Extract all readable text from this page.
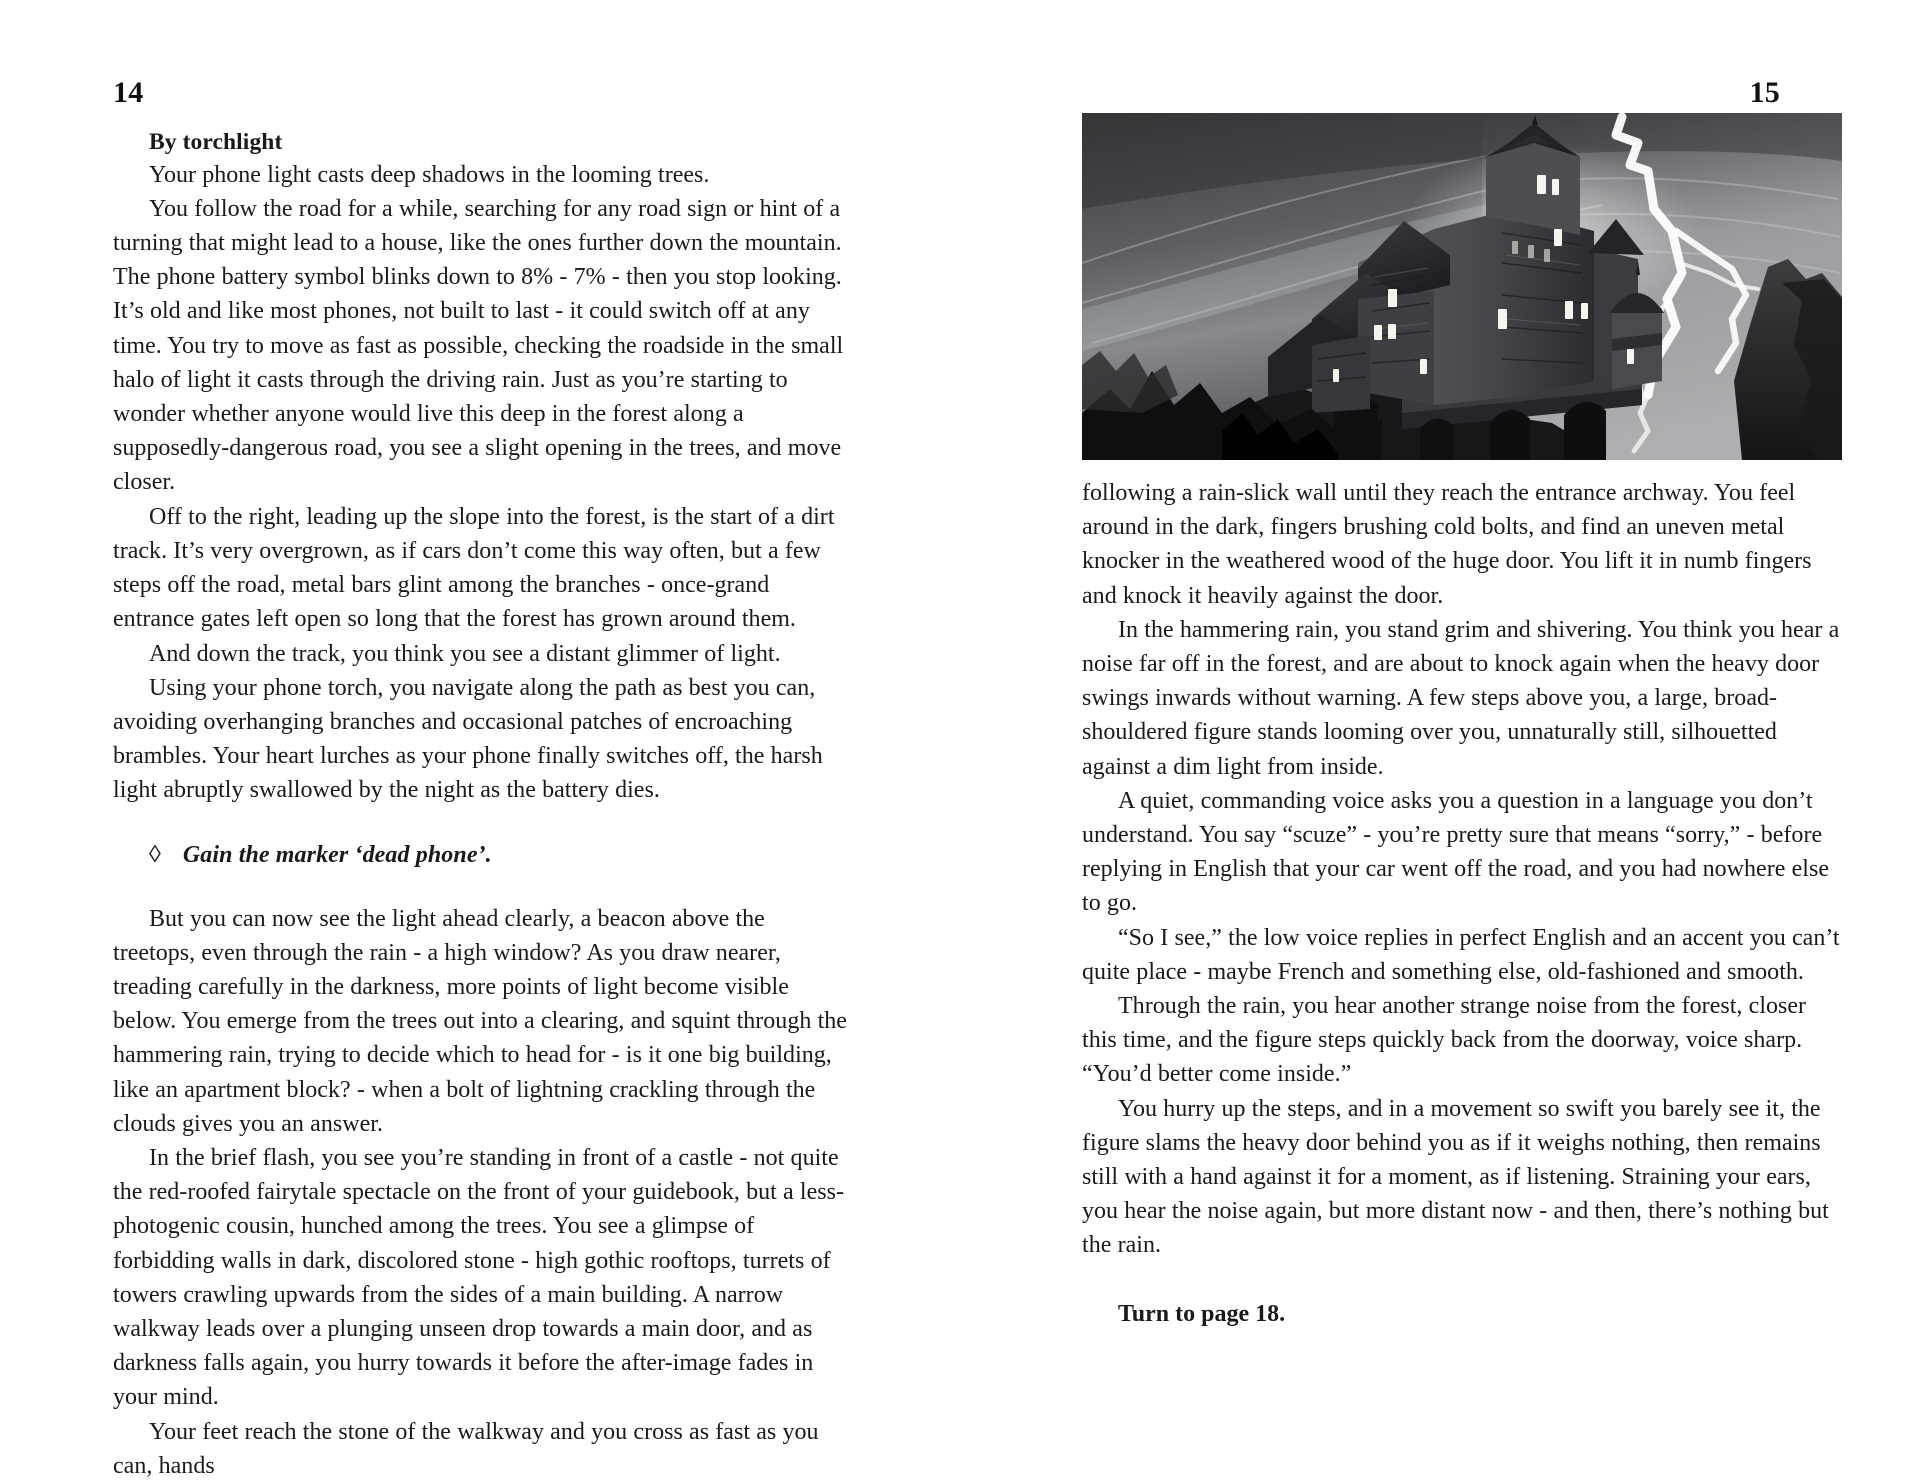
14
By torchlight

Your phone light casts deep shadows in the looming trees.

You follow the road for a while, searching for any road sign or hint of a turning that might lead to a house, like the ones further down the mountain. The phone battery symbol blinks down to 8% - 7% - then you stop looking. It’s old and like most phones, not built to last - it could switch off at any time. You try to move as fast as possible, checking the roadside in the small halo of light it casts through the driving rain. Just as you’re starting to wonder whether anyone would live this deep in the forest along a supposedly-dangerous road, you see a slight opening in the trees, and move closer.

Off to the right, leading up the slope into the forest, is the start of a dirt track. It’s very overgrown, as if cars don’t come this way often, but a few steps off the road, metal bars glint among the branches - once-grand entrance gates left open so long that the forest has grown around them.

And down the track, you think you see a distant glimmer of light.

Using your phone torch, you navigate along the path as best you can, avoiding overhanging branches and occasional patches of encroaching brambles. Your heart lurches as your phone finally switches off, the harsh light abruptly swallowed by the night as the battery dies.

◊ Gain the marker ‘dead phone’.

But you can now see the light ahead clearly, a beacon above the treetops, even through the rain - a high window? As you draw nearer, treading carefully in the darkness, more points of light become visible below. You emerge from the trees out into a clearing, and squint through the hammering rain, trying to decide which to head for - is it one big building, like an apartment block? - when a bolt of lightning crackling through the clouds gives you an answer.

In the brief flash, you see you’re standing in front of a castle - not quite the red-roofed fairytale spectacle on the front of your guidebook, but a less-photogenic cousin, hunched among the trees. You see a glimpse of forbidding walls in dark, discolored stone - high gothic rooftops, turrets of towers crawling upwards from the sides of a main building. A narrow walkway leads over a plunging unseen drop towards a main door, and as darkness falls again, you hurry towards it before the after-image fades in your mind.

Your feet reach the stone of the walkway and you cross as fast as you can, hands

15

following a rain-slick wall until they reach the entrance archway. You feel around in the dark, fingers brushing cold bolts, and find an uneven metal knocker in the weathered wood of the huge door. You lift it in numb fingers and knock it heavily against the door.

In the hammering rain, you stand grim and shivering. You think you hear a noise far off in the forest, and are about to knock again when the heavy door swings inwards without warning. A few steps above you, a large, broad-shouldered figure stands looming over you, unnaturally still, silhouetted against a dim light from inside.

A quiet, commanding voice asks you a question in a language you don’t understand. You say “scuze” - you’re pretty sure that means “sorry,” - before replying in English that your car went off the road, and you had nowhere else to go.

“So I see,” the low voice replies in perfect English and an accent you can’t quite place - maybe French and something else, old-fashioned and smooth.

Through the rain, you hear another strange noise from the forest, closer this time, and the figure steps quickly back from the doorway, voice sharp. “You’d better come inside.”

You hurry up the steps, and in a movement so swift you barely see it, the figure slams the heavy door behind you as if it weighs nothing, then remains still with a hand against it for a moment, as if listening. Straining your ears, you hear the noise again, but more distant now - and then, there’s nothing but the rain.

Turn to page 18.
